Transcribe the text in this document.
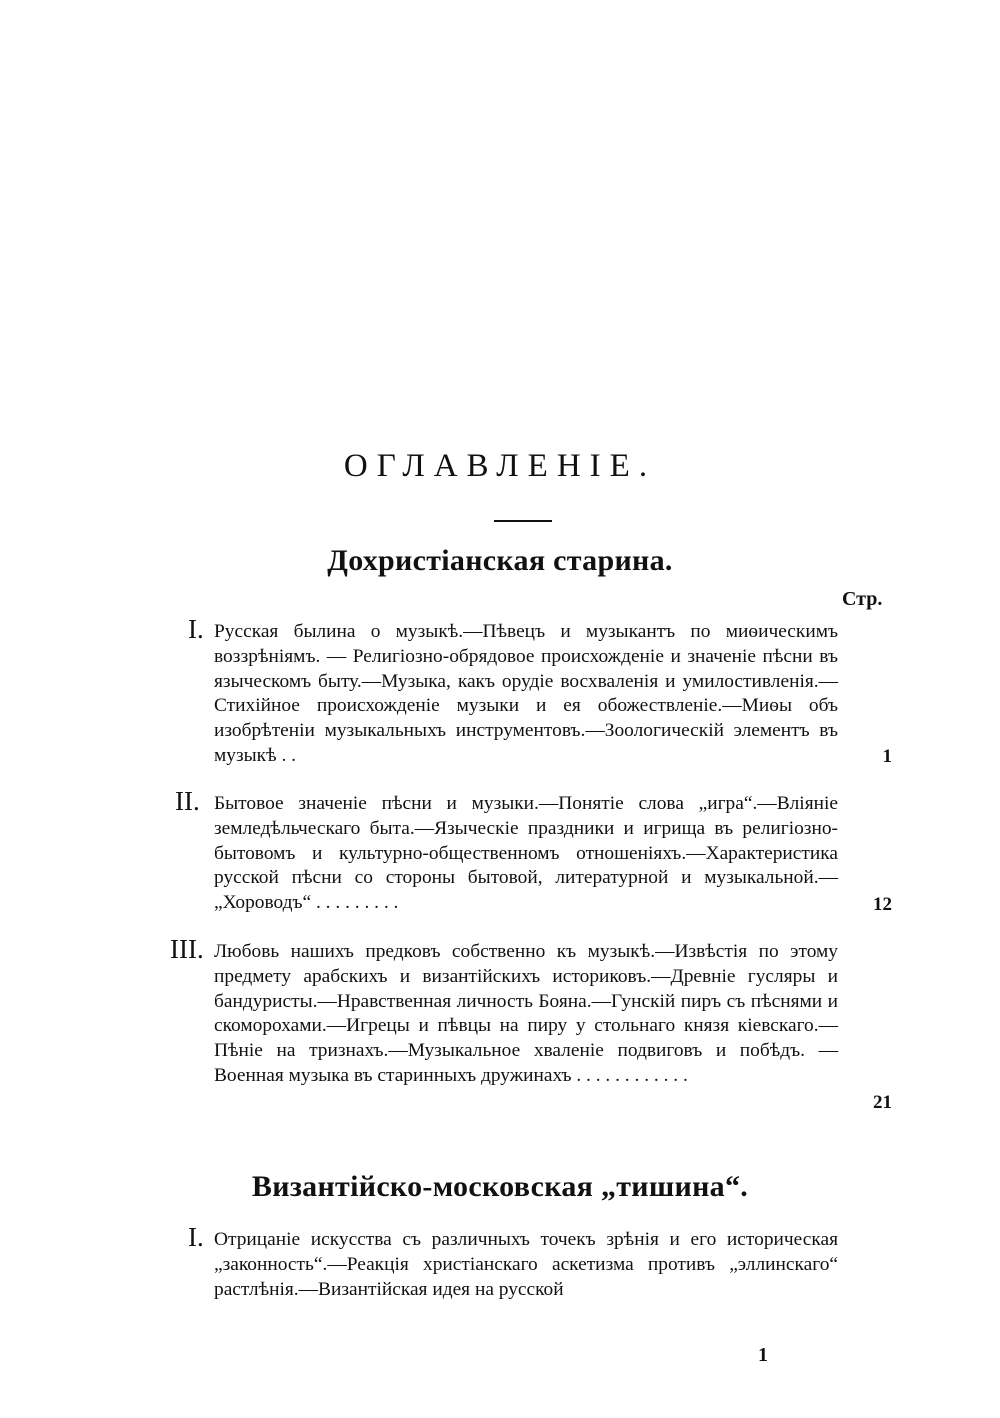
ОГЛАВЛЕНІЕ.
Дохристіанская старина.
Стр.
I. Русская былина о музыкѣ.—Пѣвецъ и музыкантъ по миѳическимъ воззрѣніямъ. — Религіозно-обрядовое происхожденіе и значеніе пѣсни въ языческомъ быту.—Музыка, какъ орудіе восхваленія и умилостивленія.—Стихійное происхожденіе музыки и ея обожествленіе.—Миѳы объ изобрѣтеніи музыкальныхъ инструментовъ.—Зоологическій элементъ въ музыкѣ . .	1
II. Бытовое значеніе пѣсни и музыки.—Понятіе слова „игра“.—Вліяніе земледѣльческаго быта.—Языческіе праздники и игрища въ религіозно-бытовомъ и культурно-общественномъ отношеніяхъ.—Характеристика русской пѣсни со стороны бытовой, литературной и музыкальной.—„Хороводъ“ . . . . . . . . .	12
III. Любовь нашихъ предковъ собственно къ музыкѣ.—Извѣстія по этому предмету арабскихъ и византійскихъ историковъ.—Древніе гусляры и бандуристы.—Нравственная личность Бояна.—Гунскій пиръ съ пѣснями и скоморохами.—Игрецы и пѣвцы на пиру у стольнаго князя кіевскаго.—Пѣніе на тризнахъ.—Музыкальное хваленіе подвиговъ и побѣдъ. — Военная музыка въ старинныхъ дружинахъ . . . . . . . . . . . .
21
Византійско-московская „тишина“.
I. Отрицаніе искусства съ различныхъ точекъ зрѣнія и его историческая „законность“.—Реакція христіанскаго аскетизма противъ „эллинскаго“ растлѣнія.—Византійская идея на русской
1
